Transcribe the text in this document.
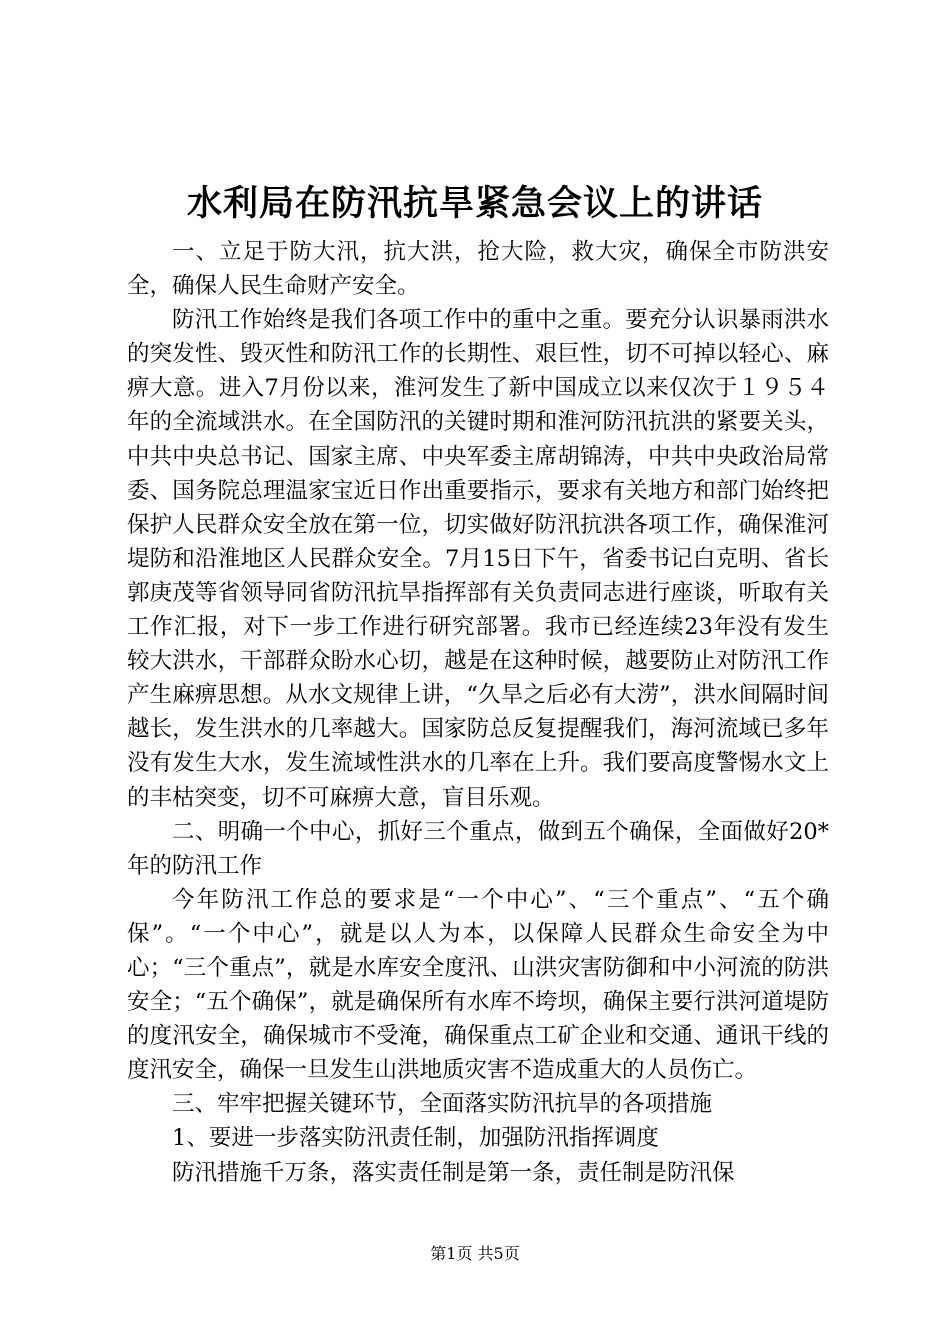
水利局在防汛抗旱紧急会议上的讲话

一、立足于防大汛，抗大洪，抢大险，救大灾，确保全市防洪安全，确保人民生命财产安全。

防汛工作始终是我们各项工作中的重中之重。要充分认识暴雨洪水的突发性、毁灭性和防汛工作的长期性、艰巨性，切不可掉以轻心、麻痹大意。进入7月份以来，淮河发生了新中国成立以来仅次于１９５４年的全流域洪水。在全国防汛的关键时期和淮河防汛抗洪的紧要关头，中共中央总书记、国家主席、中央军委主席胡锦涛，中共中央政治局常委、国务院总理温家宝近日作出重要指示，要求有关地方和部门始终把保护人民群众安全放在第一位，切实做好防汛抗洪各项工作，确保淮河堤防和沿淮地区人民群众安全。7月15日下午，省委书记白克明、省长郭庚茂等省领导同省防汛抗旱指挥部有关负责同志进行座谈，听取有关工作汇报，对下一步工作进行研究部署。我市已经连续23年没有发生较大洪水，干部群众盼水心切，越是在这种时候，越要防止对防汛工作产生麻痹思想。从水文规律上讲，“久旱之后必有大涝”，洪水间隔时间越长，发生洪水的几率越大。国家防总反复提醒我们，海河流域已多年没有发生大水，发生流域性洪水的几率在上升。我们要高度警惕水文上的丰枯突变，切不可麻痹大意，盲目乐观。

二、明确一个中心，抓好三个重点，做到五个确保，全面做好20*年的防汛工作

今年防汛工作总的要求是“一个中心”、“三个重点”、“五个确保”。“一个中心”，就是以人为本，以保障人民群众生命安全为中心；“三个重点”，就是水库安全度汛、山洪灾害防御和中小河流的防洪安全；“五个确保”，就是确保所有水库不垮坝，确保主要行洪河道堤防的度汛安全，确保城市不受淹，确保重点工矿企业和交通、通讯干线的度汛安全，确保一旦发生山洪地质灾害不造成重大的人员伤亡。

三、牢牢把握关键环节，全面落实防汛抗旱的各项措施

1、要进一步落实防汛责任制，加强防汛指挥调度

防汛措施千万条，落实责任制是第一条，责任制是防汛保

第1页 共5页
